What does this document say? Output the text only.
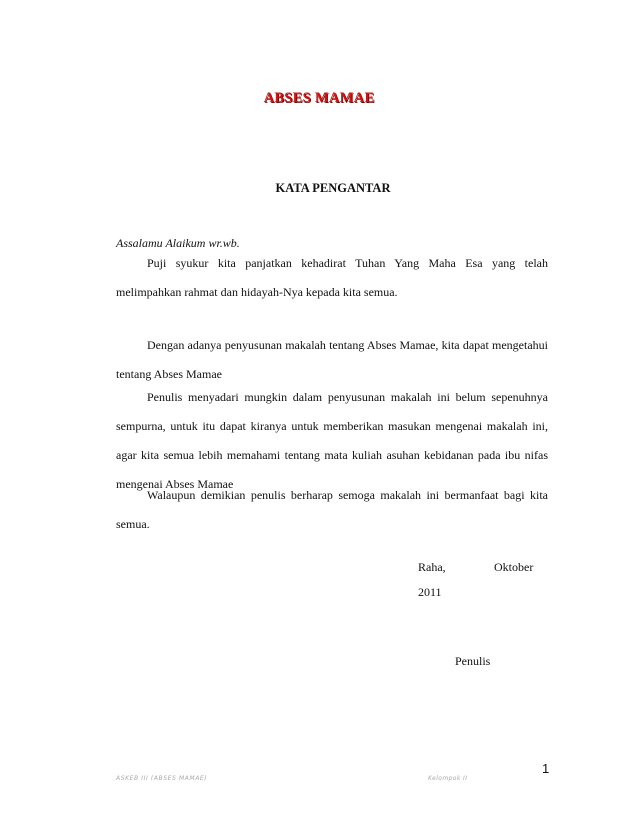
ABSES MAMAE
KATA PENGANTAR
Assalamu Alaikum wr.wb.

Puji syukur kita panjatkan kehadirat Tuhan Yang Maha Esa yang telah melimpahkan rahmat dan hidayah-Nya kepada kita semua.

Dengan adanya penyusunan makalah tentang Abses Mamae, kita dapat mengetahui tentang Abses Mamae

Penulis menyadari mungkin dalam penyusunan makalah ini belum sepenuhnya sempurna, untuk itu dapat kiranya untuk memberikan masukan mengenai makalah ini, agar kita semua lebih memahami tentang mata kuliah asuhan kebidanan pada ibu nifas mengenai Abses Mamae

Walaupun demikian penulis berharap semoga makalah ini bermanfaat bagi kita semua.

Raha,	Oktober
2011
Penulis
1
ASKEB III (ABSES MAMAE)	Kelompok II
